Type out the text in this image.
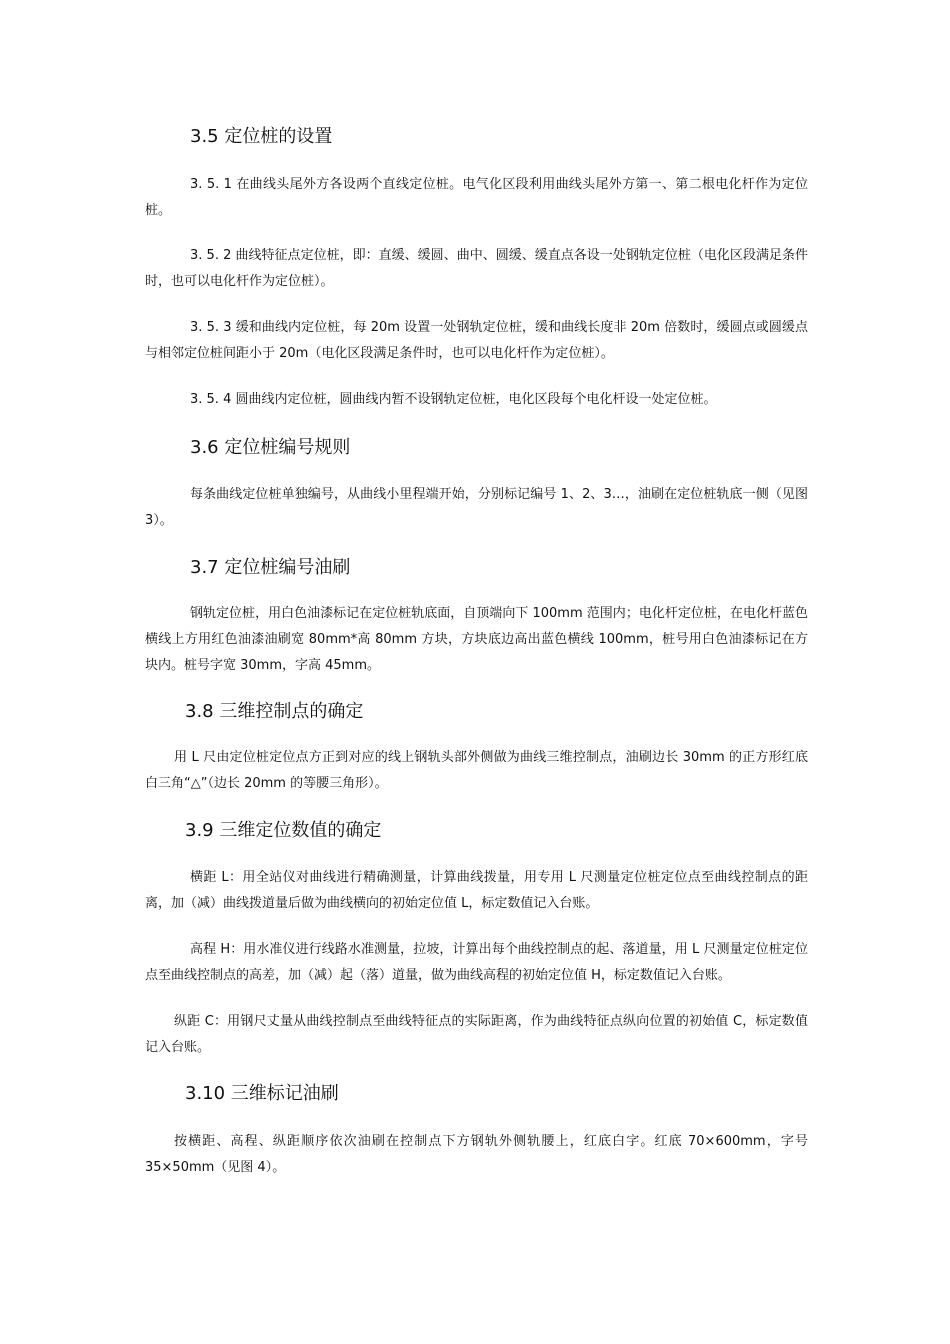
3.5 定位桩的设置

3. 5. 1 在曲线头尾外方各设两个直线定位桩。电气化区段利用曲线头尾外方第一、第二根电化杆作为定位桩。

3. 5. 2 曲线特征点定位桩，即：直缓、缓圆、曲中、圆缓、缓直点各设一处钢轨定位桩（电化区段满足条件时，也可以电化杆作为定位桩）。

3. 5. 3 缓和曲线内定位桩，每 20m 设置一处钢轨定位桩，缓和曲线长度非 20m 倍数时，缓圆点或圆缓点与相邻定位桩间距小于 20m（电化区段满足条件时，也可以电化杆作为定位桩）。

3. 5. 4 圆曲线内定位桩，圆曲线内暂不设钢轨定位桩，电化区段每个电化杆设一处定位桩。

3.6 定位桩编号规则

每条曲线定位桩单独编号，从曲线小里程端开始，分别标记编号 1、2、3…，油刷在定位桩轨底一侧（见图 3）。

3.7 定位桩编号油刷

钢轨定位桩，用白色油漆标记在定位桩轨底面，自顶端向下 100mm 范围内；电化杆定位桩，在电化杆蓝色横线上方用红色油漆油刷宽 80mm*高 80mm 方块，方块底边高出蓝色横线 100mm，桩号用白色油漆标记在方块内。桩号字宽 30mm，字高 45mm。

3.8 三维控制点的确定

用 L 尺由定位桩定位点方正到对应的线上钢轨头部外侧做为曲线三维控制点，油刷边长 30mm 的正方形红底白三角“△”（边长 20mm 的等腰三角形）。

3.9 三维定位数值的确定

横距 L：用全站仪对曲线进行精确测量，计算曲线拨量，用专用 L 尺测量定位桩定位点至曲线控制点的距离，加（减）曲线拨道量后做为曲线横向的初始定位值 L，标定数值记入台账。

高程 H：用水准仪进行线路水准测量，拉坡，计算出每个曲线控制点的起、落道量，用 L 尺测量定位桩定位点至曲线控制点的高差，加（减）起（落）道量，做为曲线高程的初始定位值 H，标定数值记入台账。

纵距 C：用钢尺丈量从曲线控制点至曲线特征点的实际距离，作为曲线特征点纵向位置的初始值 C，标定数值记入台账。

3.10 三维标记油刷

按横距、高程、纵距顺序依次油刷在控制点下方钢轨外侧轨腰上，红底白字。红底 70×600mm，字号 35×50mm（见图 4）。
